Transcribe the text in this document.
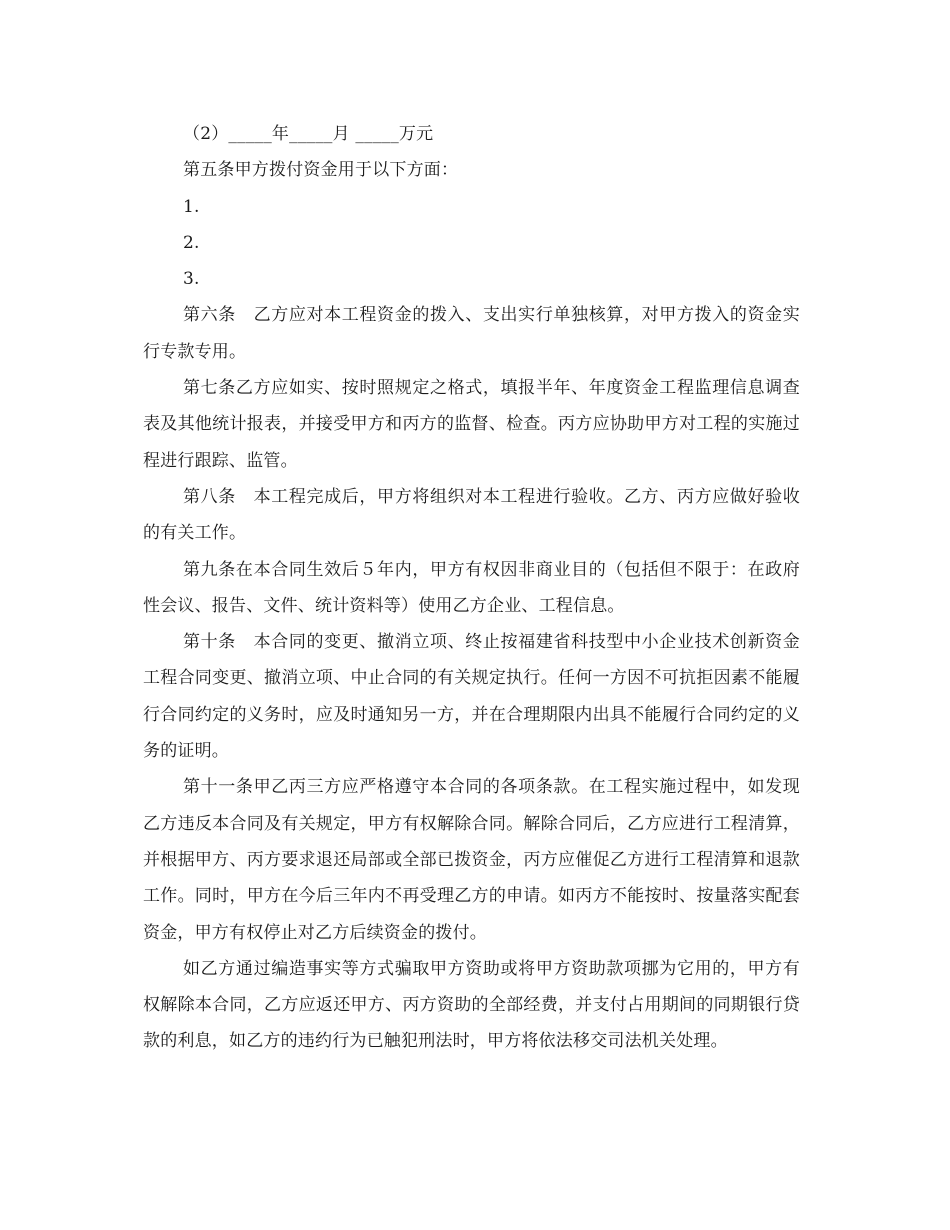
（2）_____年_____月 _____万元

第五条甲方拨付资金用于以下方面：

1.

2.

3.

第六条　乙方应对本工程资金的拨入、支出实行单独核算，对甲方拨入的资金实行专款专用。

第七条乙方应如实、按时照规定之格式，填报半年、年度资金工程监理信息调查表及其他统计报表，并接受甲方和丙方的监督、检查。丙方应协助甲方对工程的实施过程进行跟踪、监管。

第八条　本工程完成后，甲方将组织对本工程进行验收。乙方、丙方应做好验收的有关工作。

第九条在本合同生效后５年内，甲方有权因非商业目的（包括但不限于：在政府性会议、报告、文件、统计资料等）使用乙方企业、工程信息。

第十条　本合同的变更、撤消立项、终止按福建省科技型中小企业技术创新资金工程合同变更、撤消立项、中止合同的有关规定执行。任何一方因不可抗拒因素不能履行合同约定的义务时，应及时通知另一方，并在合理期限内出具不能履行合同约定的义务的证明。

第十一条甲乙丙三方应严格遵守本合同的各项条款。在工程实施过程中，如发现乙方违反本合同及有关规定，甲方有权解除合同。解除合同后，乙方应进行工程清算，并根据甲方、丙方要求退还局部或全部已拨资金，丙方应催促乙方进行工程清算和退款工作。同时，甲方在今后三年内不再受理乙方的申请。如丙方不能按时、按量落实配套资金，甲方有权停止对乙方后续资金的拨付。

如乙方通过编造事实等方式骗取甲方资助或将甲方资助款项挪为它用的，甲方有权解除本合同，乙方应返还甲方、丙方资助的全部经费，并支付占用期间的同期银行贷款的利息，如乙方的违约行为已触犯刑法时，甲方将依法移交司法机关处理。
